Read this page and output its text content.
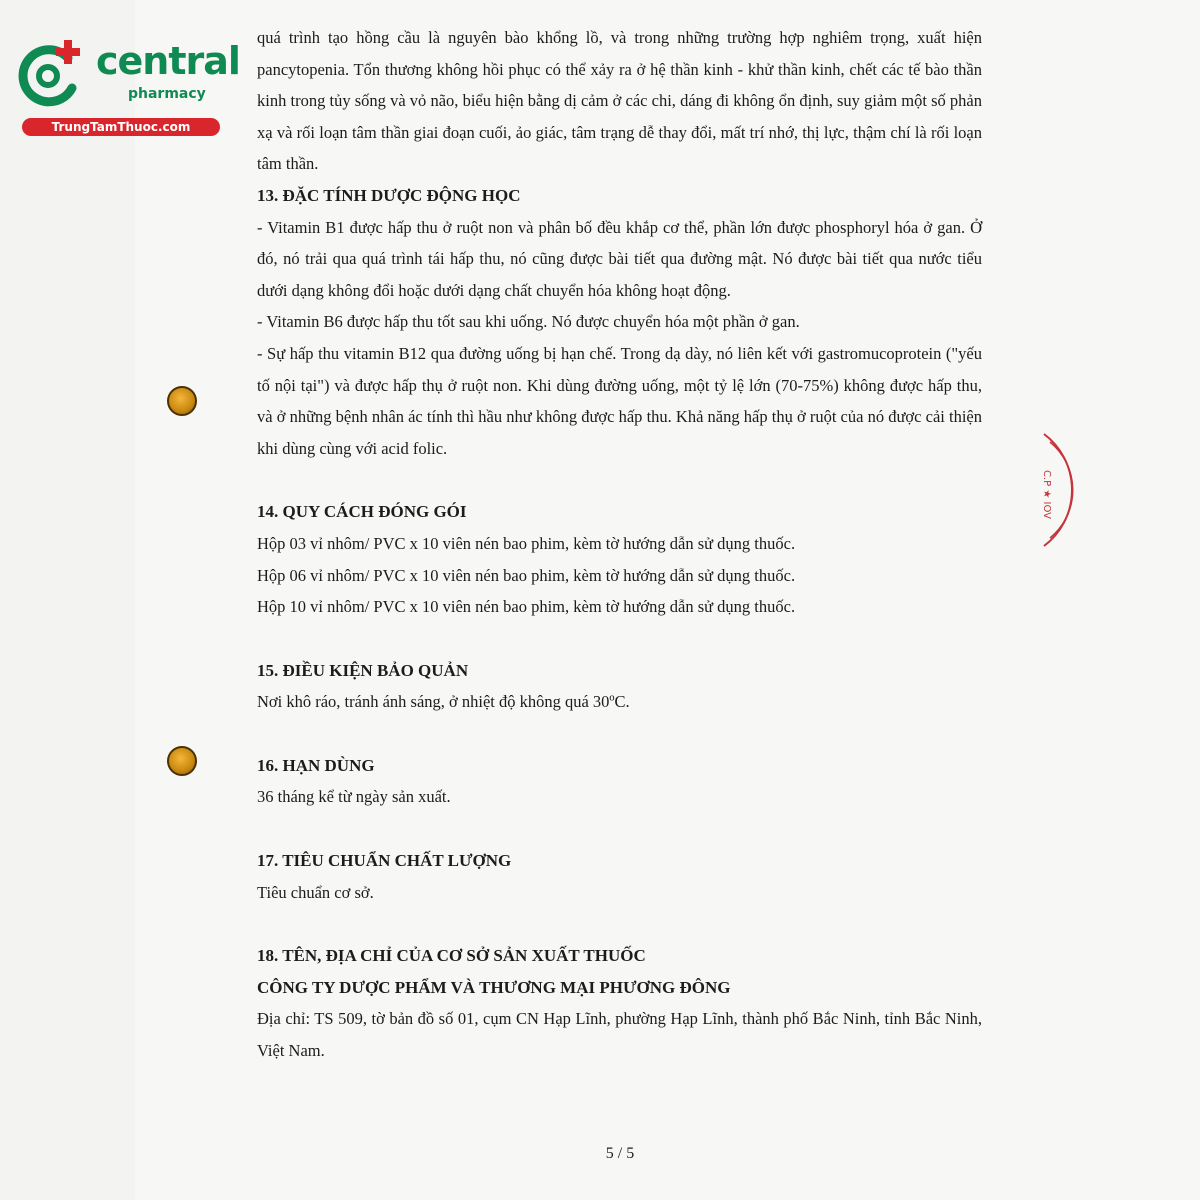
central
pharmacy
TrungTamThuoc.com
C.P ★ IOV

quá trình tạo hồng cầu là nguyên bào khổng lồ, và trong những trường hợp nghiêm trọng, xuất hiện pancytopenia. Tổn thương không hồi phục có thể xảy ra ở hệ thần kinh - khử thần kinh, chết các tế bào thần kinh trong tủy sống và vỏ não, biểu hiện bằng dị cảm ở các chi, dáng đi không ổn định, suy giảm một số phản xạ và rối loạn tâm thần giai đoạn cuối, ảo giác, tâm trạng dễ thay đổi, mất trí nhớ, thị lực, thậm chí là rối loạn tâm thần.

13. ĐẶC TÍNH DƯỢC ĐỘNG HỌC

- Vitamin B1 được hấp thu ở ruột non và phân bố đều khắp cơ thể, phần lớn được phosphoryl hóa ở gan. Ở đó, nó trải qua quá trình tái hấp thu, nó cũng được bài tiết qua đường mật. Nó được bài tiết qua nước tiểu dưới dạng không đổi hoặc dưới dạng chất chuyển hóa không hoạt động.

- Vitamin B6 được hấp thu tốt sau khi uống. Nó được chuyển hóa một phần ở gan.

- Sự hấp thu vitamin B12 qua đường uống bị hạn chế. Trong dạ dày, nó liên kết với gastromucoprotein ("yếu tố nội tại") và được hấp thụ ở ruột non. Khi dùng đường uống, một tỷ lệ lớn (70-75%) không được hấp thu, và ở những bệnh nhân ác tính thì hầu như không được hấp thu. Khả năng hấp thụ ở ruột của nó được cải thiện khi dùng cùng với acid folic.

14. QUY CÁCH ĐÓNG GÓI

Hộp 03 vỉ nhôm/ PVC x 10 viên nén bao phim, kèm tờ hướng dẫn sử dụng thuốc.

Hộp 06 vỉ nhôm/ PVC x 10 viên nén bao phim, kèm tờ hướng dẫn sử dụng thuốc.

Hộp 10 vỉ nhôm/ PVC x 10 viên nén bao phim, kèm tờ hướng dẫn sử dụng thuốc.

15. ĐIỀU KIỆN BẢO QUẢN

Nơi khô ráo, tránh ánh sáng, ở nhiệt độ không quá 30ºC.

16. HẠN DÙNG

36 tháng kể từ ngày sản xuất.

17. TIÊU CHUẨN CHẤT LƯỢNG

Tiêu chuẩn cơ sở.

18. TÊN, ĐỊA CHỈ CỦA CƠ SỞ SẢN XUẤT THUỐC
CÔNG TY DƯỢC PHẨM VÀ THƯƠNG MẠI PHƯƠNG ĐÔNG

Địa chỉ: TS 509, tờ bản đồ số 01, cụm CN Hạp Lĩnh, phường Hạp Lĩnh, thành phố Bắc Ninh, tỉnh Bắc Ninh, Việt Nam.

5 / 5
